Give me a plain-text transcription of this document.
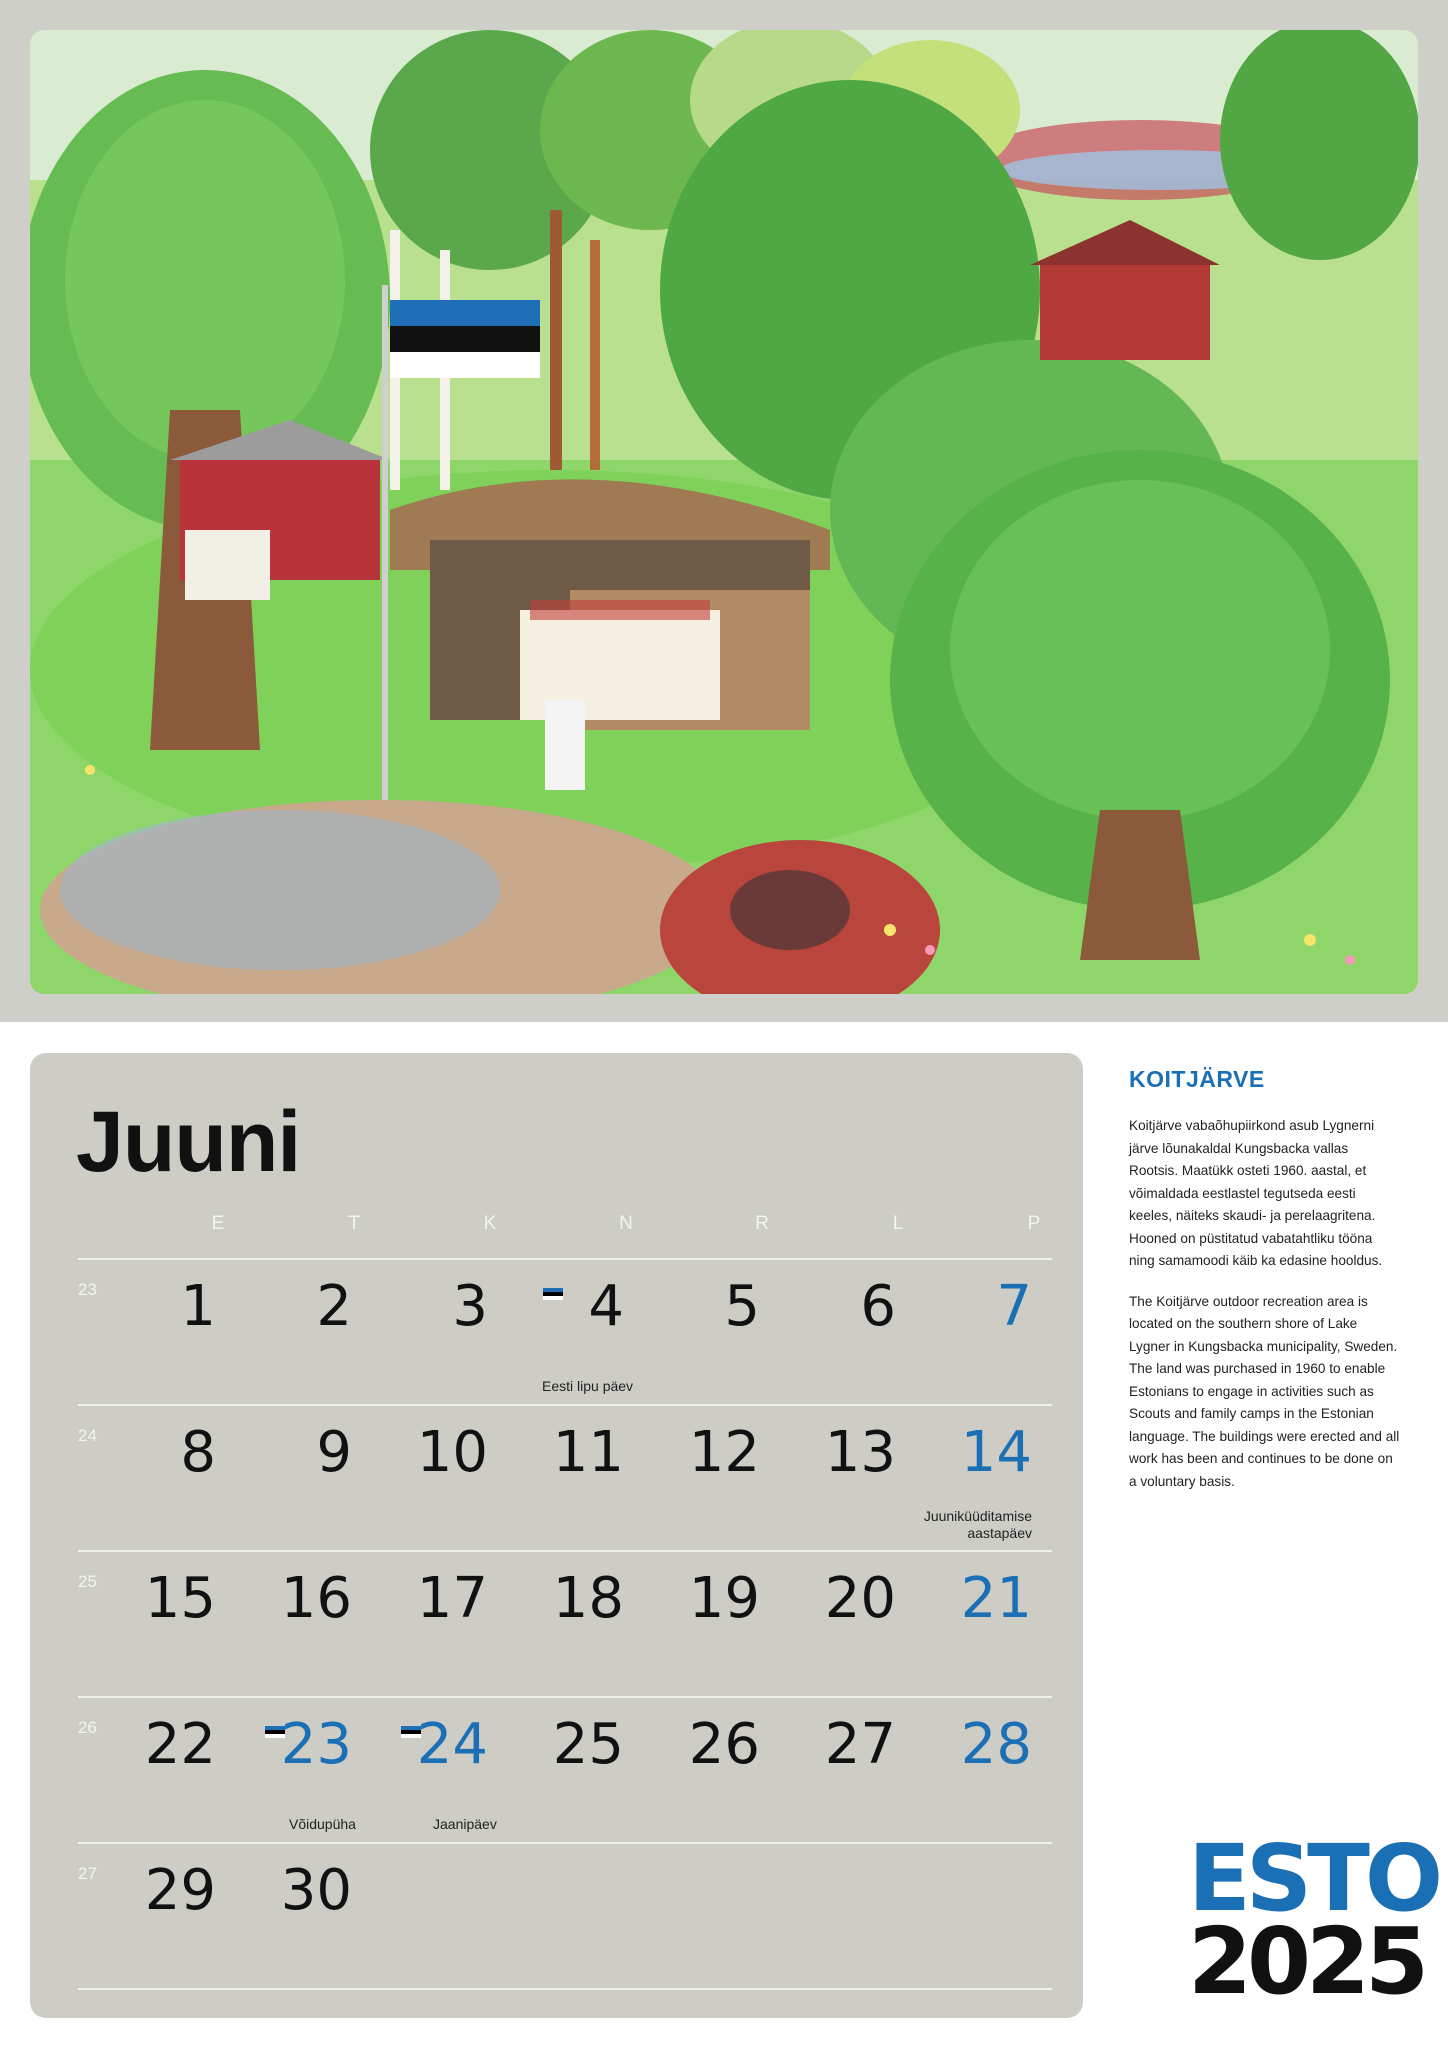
Juuni
E	T	K	N	R	L	P
23	1	2	3	4	5	6	7
Eesti lipu päev
24	8	9	10	11	12	13	14
Juuniküüditamise
aastapäev
25 15	16	17	18	19	20	21
26 22	23	24	25	26	27	28
Võidupüha	Jaanipäev
27 29	30
KOITJÄRVE

Koitjärve vabaõhupiirkond asub Lygnerni järve lõunakaldal Kungsbacka vallas Rootsis. Maatükk osteti 1960. aastal, et võimaldada eestlastel tegutseda eesti keeles, näiteks skaudi- ja perelaagritena. Hooned on püstitatud vabatahtliku tööna ning samamoodi käib ka edasine hooldus.

The Koitjärve outdoor recreation area is located on the southern shore of Lake Lygner in Kungsbacka municipality, Sweden. The land was purchased in 1960 to enable Estonians to engage in activities such as Scouts and family camps in the Estonian language. The buildings were erected and all work has been and continues to be done on a voluntary basis.

ESTO
2025
